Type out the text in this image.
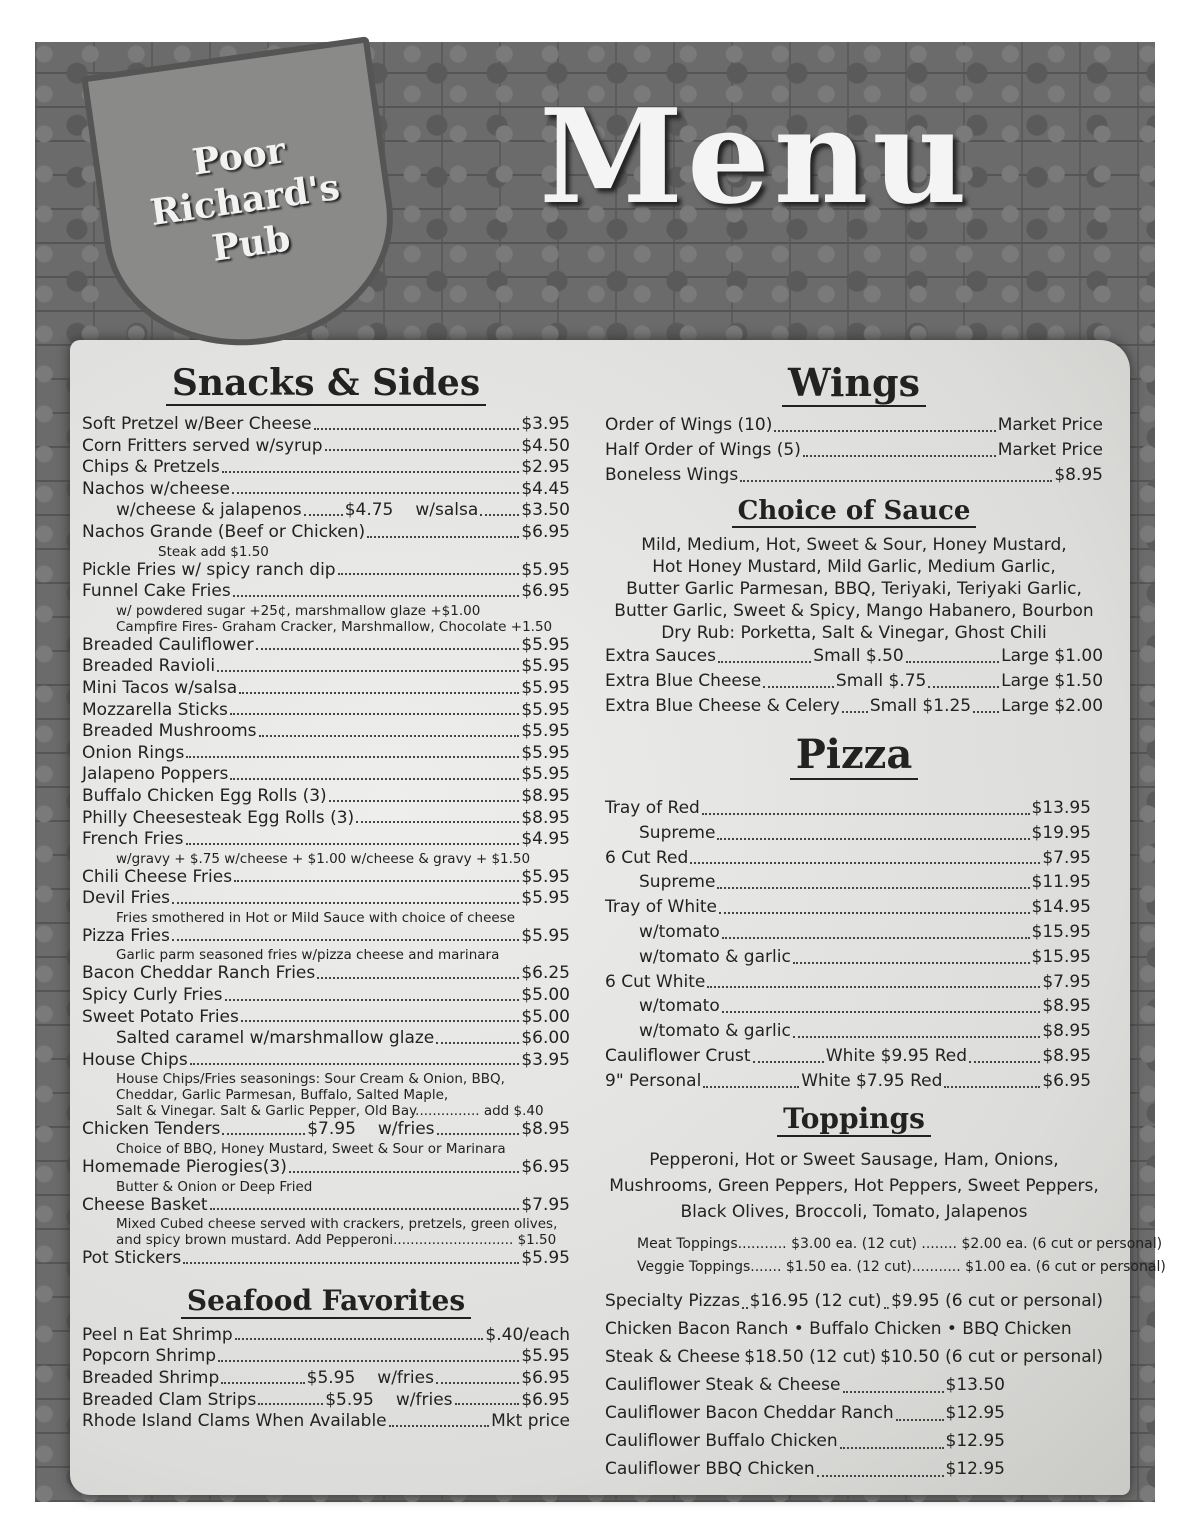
Poor
Richard's
Pub
Menu
Snacks & Sides
Soft Pretzel w/Beer Cheese	$3.95
Corn Fritters served w/syrup	$4.50
Chips & Pretzels	$2.95
Nachos w/cheese	$4.45
w/cheese & jalapenos	$4.75 w/salsa	$3.50
Nachos Grande (Beef or Chicken)	$6.95
Steak add $1.50
Pickle Fries w/ spicy ranch dip	$5.95
Funnel Cake Fries	$6.95
w/ powdered sugar +25¢, marshmallow glaze +$1.00
Campfire Fires- Graham Cracker, Marshmallow, Chocolate +1.50
Breaded Cauliflower	$5.95
Breaded Ravioli	$5.95
Mini Tacos w/salsa	$5.95
Mozzarella Sticks	$5.95
Breaded Mushrooms	$5.95
Onion Rings	$5.95
Jalapeno Poppers	$5.95
Buffalo Chicken Egg Rolls (3)	$8.95
Philly Cheesesteak Egg Rolls (3)	$8.95
French Fries	$4.95
w/gravy + $.75 w/cheese + $1.00 w/cheese & gravy + $1.50
Chili Cheese Fries	$5.95
Devil Fries	$5.95
Fries smothered in Hot or Mild Sauce with choice of cheese
Pizza Fries	$5.95
Garlic parm seasoned fries w/pizza cheese and marinara
Bacon Cheddar Ranch Fries	$6.25
Spicy Curly Fries	$5.00
Sweet Potato Fries	$5.00
Salted caramel w/marshmallow glaze	$6.00
House Chips	$3.95
House Chips/Fries seasonings: Sour Cream & Onion, BBQ,
Cheddar, Garlic Parmesan, Buffalo, Salted Maple,
Salt & Vinegar. Salt & Garlic Pepper, Old Bay............... add $.40
Chicken Tenders	$7.95 w/fries	$8.95
Choice of BBQ, Honey Mustard, Sweet & Sour or Marinara
Homemade Pierogies(3)	$6.95
Butter & Onion or Deep Fried
Cheese Basket	$7.95
Mixed Cubed cheese served with crackers, pretzels, green olives,
and spicy brown mustard. Add Pepperoni............................ $1.50
Pot Stickers	$5.95
Seafood Favorites
Peel n Eat Shrimp	$.40/each
Popcorn Shrimp	$5.95
Breaded Shrimp	$5.95 w/fries	$6.95
Breaded Clam Strips	$5.95 w/fries	$6.95
Rhode Island Clams When Available	Mkt price
Wings
Order of Wings (10)	Market Price
Half Order of Wings (5)	Market Price
Boneless Wings	$8.95
Choice of Sauce
Mild, Medium, Hot, Sweet & Sour, Honey Mustard,
Hot Honey Mustard, Mild Garlic, Medium Garlic,
Butter Garlic Parmesan, BBQ, Teriyaki, Teriyaki Garlic,
Butter Garlic, Sweet & Spicy, Mango Habanero, Bourbon
Dry Rub: Porketta, Salt & Vinegar, Ghost Chili
Extra Sauces	Small $.50	Large $1.00
Extra Blue Cheese	Small $.75	Large $1.50
Extra Blue Cheese & Celery Small $1.25 Large $2.00
Pizza
Tray of Red	$13.95
Supreme	$19.95
6 Cut Red	$7.95
Supreme	$11.95
Tray of White	$14.95
w/tomato	$15.95
w/tomato & garlic	$15.95
6 Cut White	$7.95
w/tomato	$8.95
w/tomato & garlic	$8.95
Cauliflower Crust	White $9.95 Red	$8.95
9" Personal	White $7.95 Red	$6.95
Toppings
Pepperoni, Hot or Sweet Sausage, Ham, Onions,
Mushrooms, Green Peppers, Hot Peppers, Sweet Peppers,
Black Olives, Broccoli, Tomato, Jalapenos
Meat Toppings........... $3.00 ea. (12 cut) ........ $2.00 ea. (6 cut or personal)
Veggie Toppings....... $1.50 ea. (12 cut)........... $1.00 ea. (6 cut or personal)
Specialty Pizzas $16.95 (12 cut) $9.95 (6 cut or personal)
Chicken Bacon Ranch • Buffalo Chicken • BBQ Chicken
Steak & Cheese $18.50 (12 cut) $10.50 (6 cut or personal)
Cauliflower Steak & Cheese	$13.50
Cauliflower Bacon Cheddar Ranch	$12.95
Cauliflower Buffalo Chicken	$12.95
Cauliflower BBQ Chicken	$12.95
